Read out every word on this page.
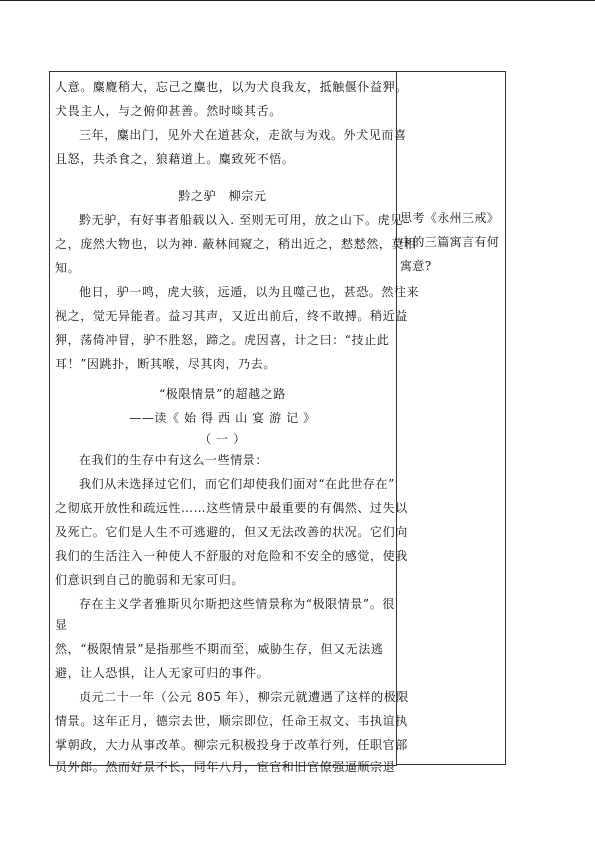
人意。麋麑稍大，忘己之麋也，以为犬良我友，抵触偃仆益狎。
犬畏主人，与之俯仰甚善。然时啖其舌。
三年，麋出门，见外犬在道甚众，走欲与为戏。外犬见而喜
且怒，共杀食之，狼藉道上。麋致死不悟。
黔之驴　柳宗元
黔无驴，有好事者船载以入. 至则无可用，放之山下。虎见
之，庞然大物也，以为神. 蔽林间窥之，稍出近之，慭慭然，莫相
知。
他日，驴一鸣，虎大骇，远遁，以为且噬己也，甚恐。然往来
视之，觉无异能者。益习其声，又近出前后，终不敢搏。稍近益
狎，荡倚冲冒，驴不胜怒，蹄之。虎因喜，计之曰：“技止此
耳！”因跳扑，断其喉，尽其肉，乃去。
“极限情景”的超越之路
——读《 始 得 西 山 宴 游 记 》
（ 一 ）
在我们的生存中有这么一些情景：
我们从未选择过它们，而它们却使我们面对“在此世存在”
之彻底开放性和疏远性……这些情景中最重要的有偶然、过失以
及死亡。它们是人生不可逃避的，但又无法改善的状况。它们向
我们的生活注入一种使人不舒服的对危险和不安全的感觉，使我
们意识到自己的脆弱和无家可归。
存在主义学者雅斯贝尔斯把这些情景称为“极限情景”。很
显
然，“极限情景”是指那些不期而至，威胁生存，但又无法逃
避，让人恐惧，让人无家可归的事件。
贞元二十一年（公元 805 年），柳宗元就遭遇了这样的极限
情景。这年正月，德宗去世，顺宗即位，任命王叔文、韦执谊执
掌朝政，大力从事改革。柳宗元积极投身于改革行列，任职官部
员外郎。然而好景不长，同年八月，宦官和旧官僚强逼顺宗退
思考《永州三戒》
中的三篇寓言有何
寓意?
